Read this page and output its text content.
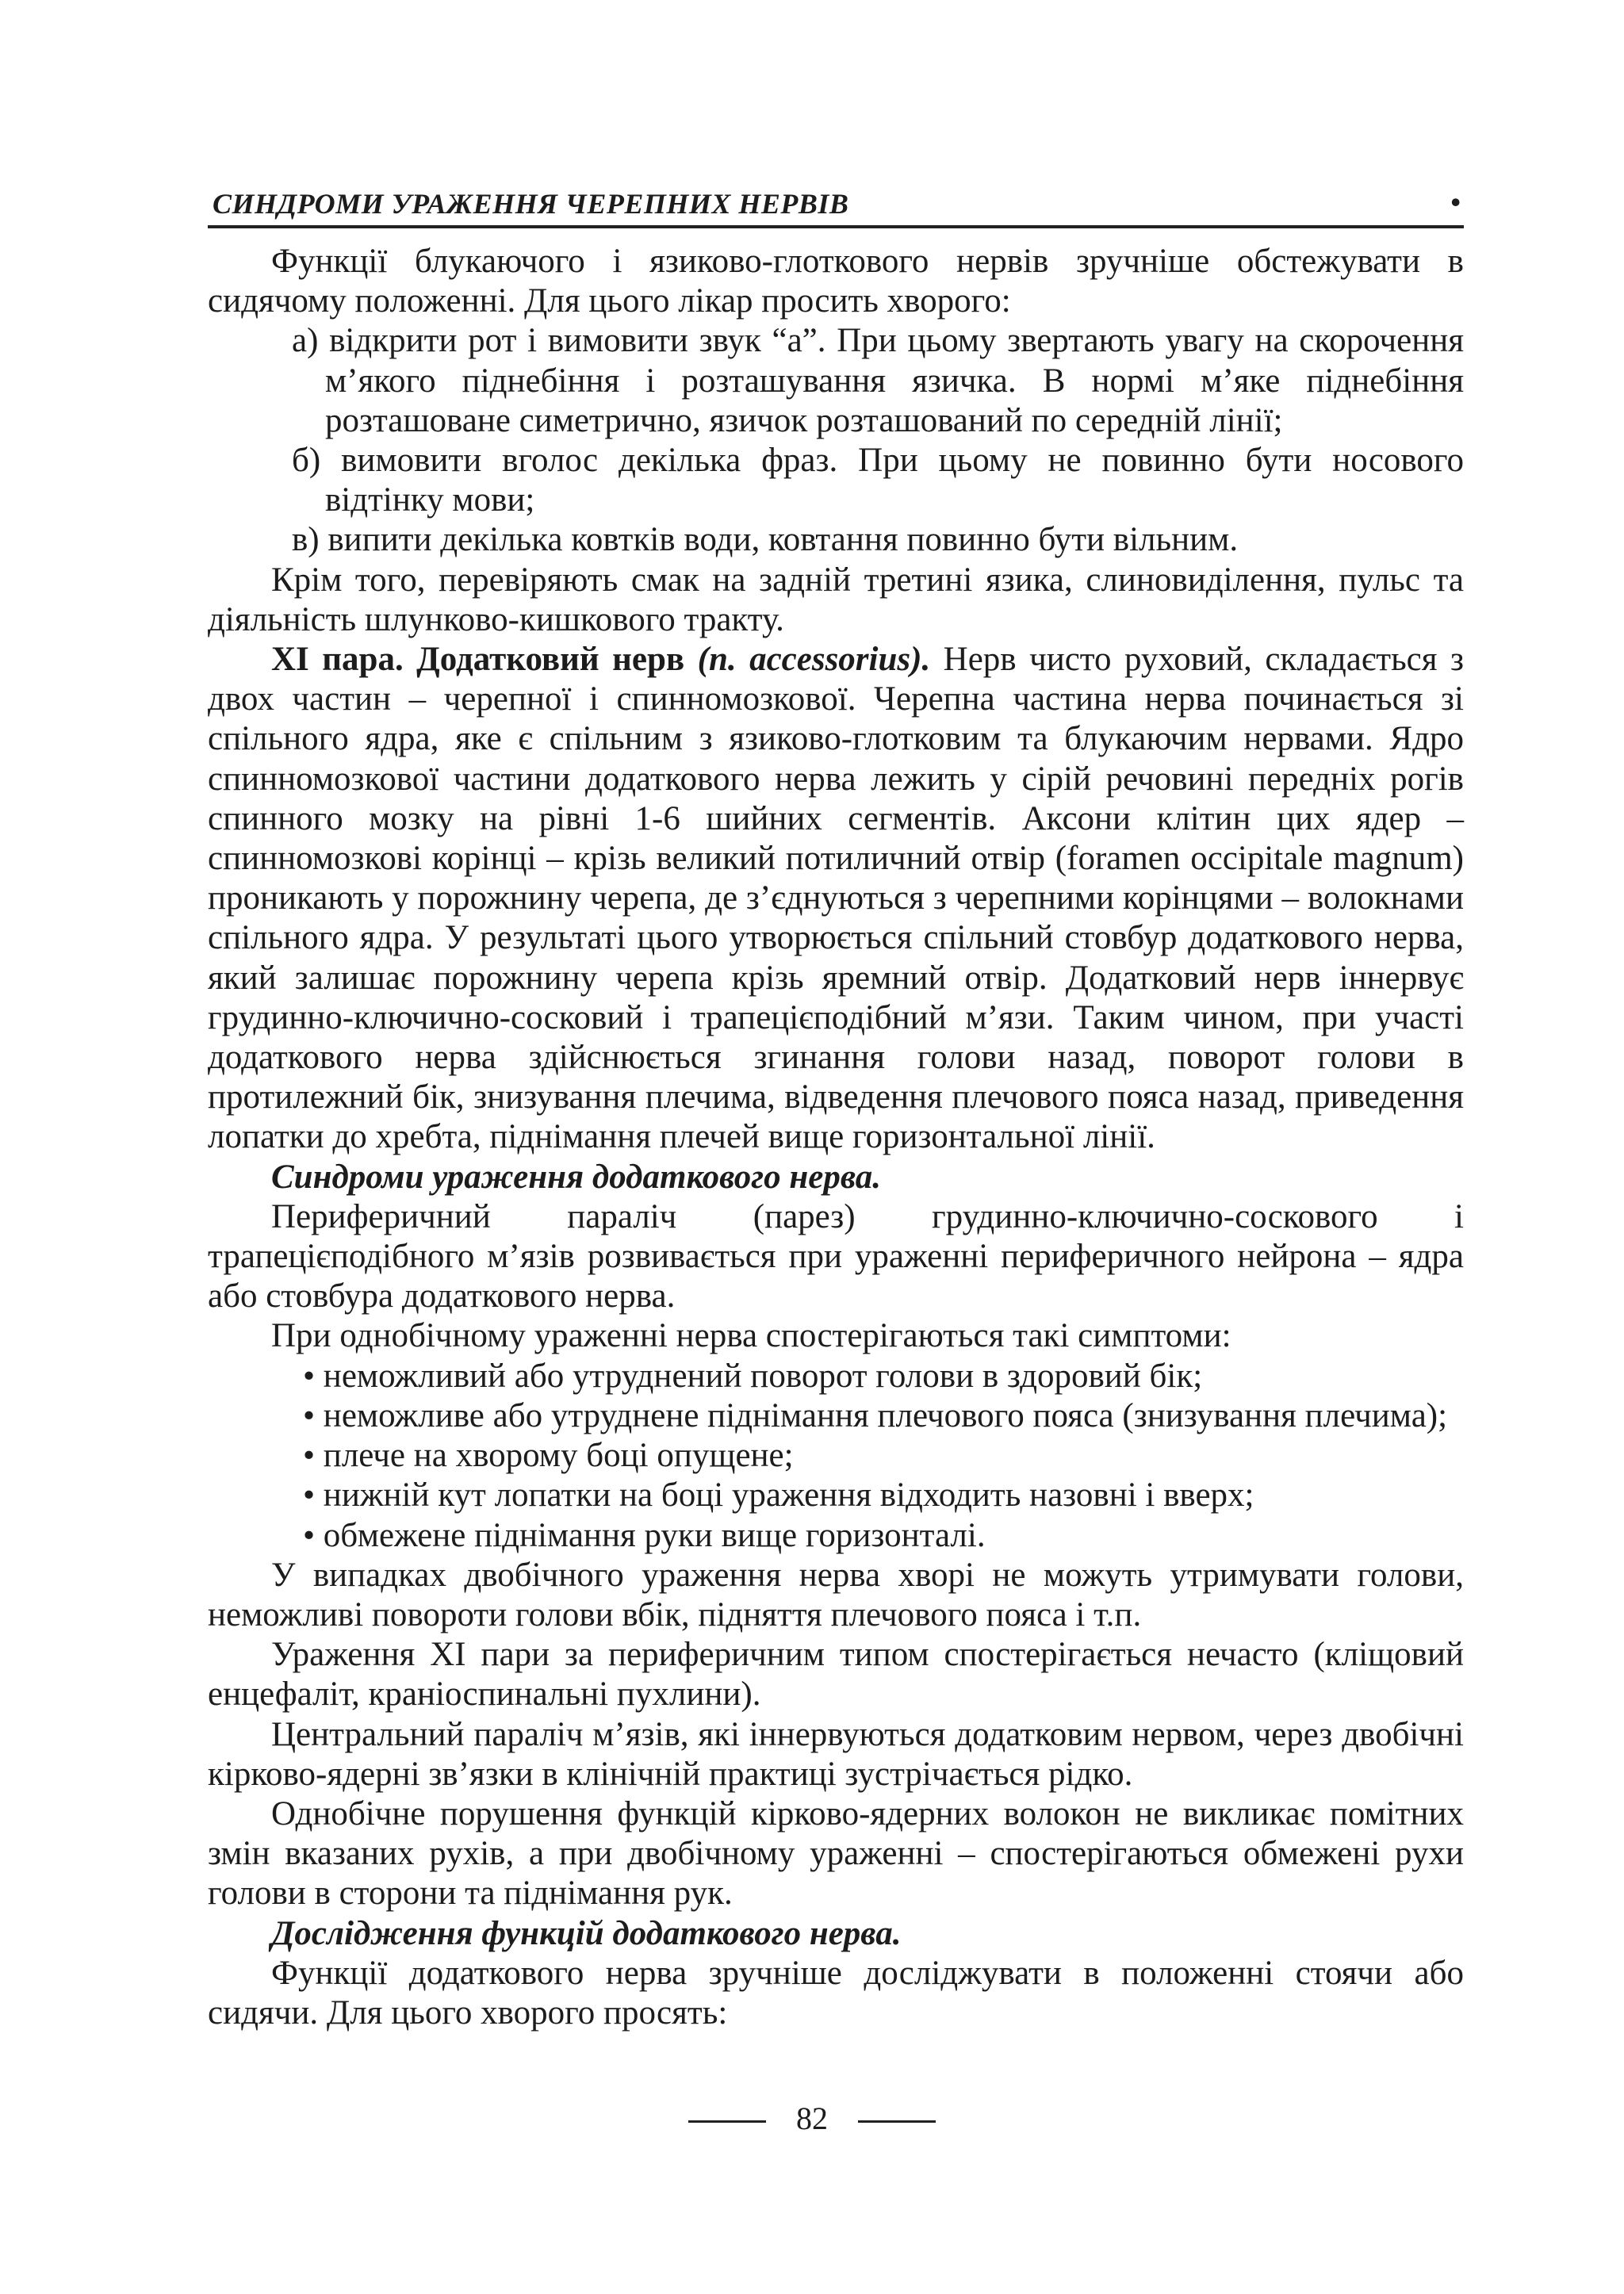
СИНДРОМИ УРАЖЕННЯ ЧЕРЕПНИХ НЕРВІВ	•

Функції блукаючого і язиково-глоткового нервів зручніше обстежувати в сидячому положенні. Для цього лікар просить хворого:

а) відкрити рот і вимовити звук “а”. При цьому звертають увагу на скорочення м’якого піднебіння і розташування язичка. В нормі м’яке піднебіння розташоване симетрично, язичок розташований по середній лінії;

б) вимовити вголос декілька фраз. При цьому не повинно бути носового відтінку мови;

в) випити декілька ковтків води, ковтання повинно бути вільним.

Крім того, перевіряють смак на задній третині язика, слиновиділення, пульс та діяльність шлунково-кишкового тракту.

XI пара. Додатковий нерв (n. accessorius). Нерв чисто руховий, складається з двох частин – черепної і спинномозкової. Черепна частина нерва починається зі спільного ядра, яке є спільним з язиково-глотковим та блукаючим нервами. Ядро спинномозкової частини додаткового нерва лежить у сірій речовині передніх рогів спинного мозку на рівні 1-6 шийних сегментів. Аксони клітин цих ядер – спинномозкові корінці – крізь великий потиличний отвір (foramen occipitale magnum) проникають у порожнину черепа, де з’єднуються з черепними корінцями – волокнами спільного ядра. У результаті цього утворюється спільний стовбур додаткового нерва, який залишає порожнину черепа крізь яремний отвір. Додатковий нерв іннервує грудинно-ключично-сосковий і трапецієподібний м’язи. Таким чином, при участі додаткового нерва здійснюється згинання голови назад, поворот голови в протилежний бік, знизування плечима, відведення плечового пояса назад, приведення лопатки до хребта, піднімання плечей вище горизонтальної лінії.

Синдроми ураження додаткового нерва.

Периферичний параліч (парез) грудинно-ключично-соскового і трапецієподібного м’язів розвивається при ураженні периферичного нейрона – ядра або стовбура додаткового нерва.

При однобічному ураженні нерва спостерігаються такі симптоми:

• неможливий або утруднений поворот голови в здоровий бік;

• неможливе або утруднене піднімання плечового пояса (знизування плечима);

• плече на хворому боці опущене;

• нижній кут лопатки на боці ураження відходить назовні і вверх;

• обмежене піднімання руки вище горизонталі.

У випадках двобічного ураження нерва хворі не можуть утримувати голови, неможливі повороти голови вбік, підняття плечового пояса і т.п.

Ураження XI пари за периферичним типом спостерігається нечасто (кліщовий енцефаліт, краніоспинальні пухлини).

Центральний параліч м’язів, які іннервуються додатковим нервом, через двобічні кірково-ядерні зв’язки в клінічній практиці зустрічається рідко.

Однобічне порушення функцій кірково-ядерних волокон не викликає помітних змін вказаних рухів, а при двобічному ураженні – спостерігаються обмежені рухи голови в сторони та піднімання рук.

Дослідження функцій додаткового нерва.

Функції додаткового нерва зручніше досліджувати в положенні стоячи або сидячи. Для цього хворого просять:

82
